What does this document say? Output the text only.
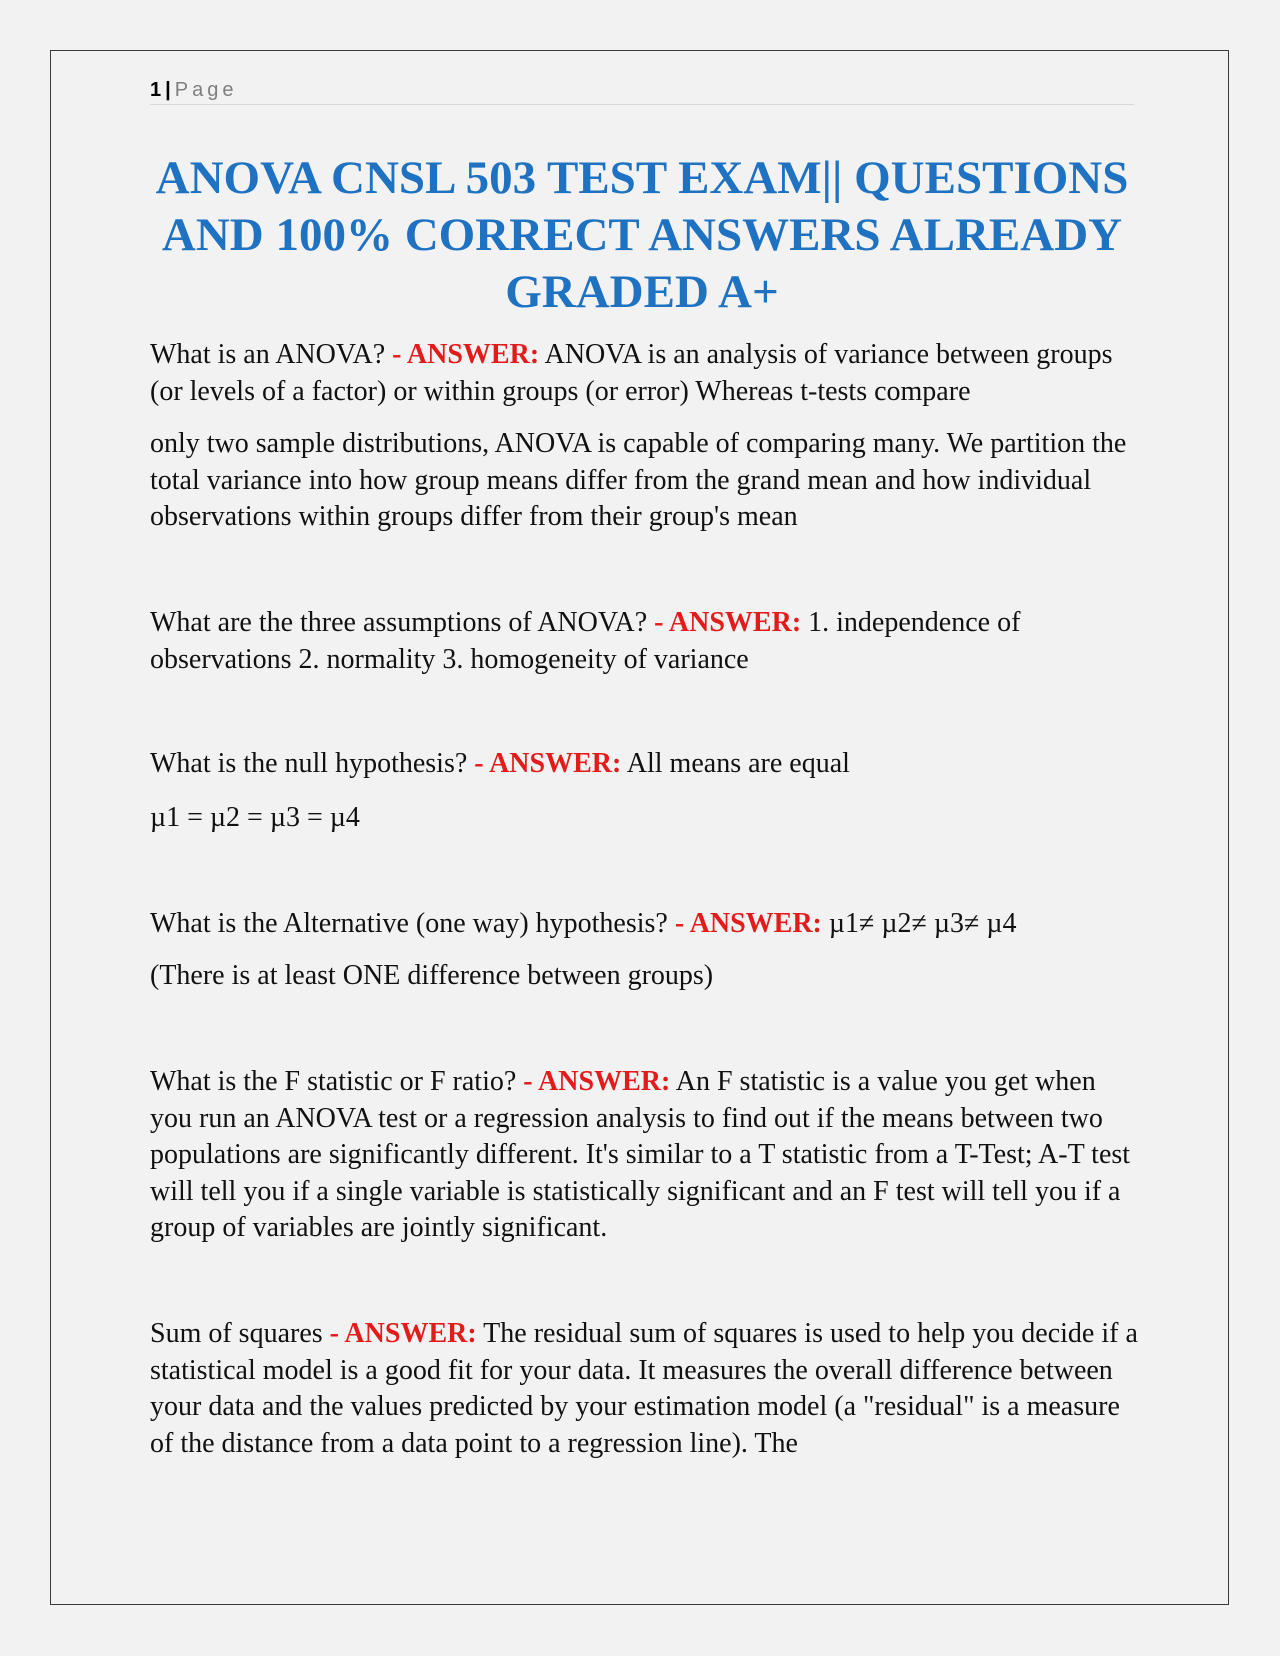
1 | Page
ANOVA CNSL 503 TEST EXAM|| QUESTIONS AND 100% CORRECT ANSWERS ALREADY GRADED A+

What is an ANOVA? - ANSWER: ANOVA is an analysis of variance between groups (or levels of a factor) or within groups (or error) Whereas t-tests compare

only two sample distributions, ANOVA is capable of comparing many. We partition the total variance into how group means differ from the grand mean and how individual observations within groups differ from their group's mean

What are the three assumptions of ANOVA? - ANSWER: 1. independence of observations 2. normality 3. homogeneity of variance

What is the null hypothesis? - ANSWER: All means are equal

µ1 = µ2 = µ3 = µ4

What is the Alternative (one way) hypothesis? - ANSWER: µ1≠ µ2≠ µ3≠ µ4

(There is at least ONE difference between groups)

What is the F statistic or F ratio? - ANSWER: An F statistic is a value you get when you run an ANOVA test or a regression analysis to find out if the means between two populations are significantly different. It's similar to a T statistic from a T-Test; A-T test will tell you if a single variable is statistically significant and an F test will tell you if a group of variables are jointly significant.

Sum of squares - ANSWER: The residual sum of squares is used to help you decide if a statistical model is a good fit for your data. It measures the overall difference between your data and the values predicted by your estimation model (a "residual" is a measure of the distance from a data point to a regression line). The
